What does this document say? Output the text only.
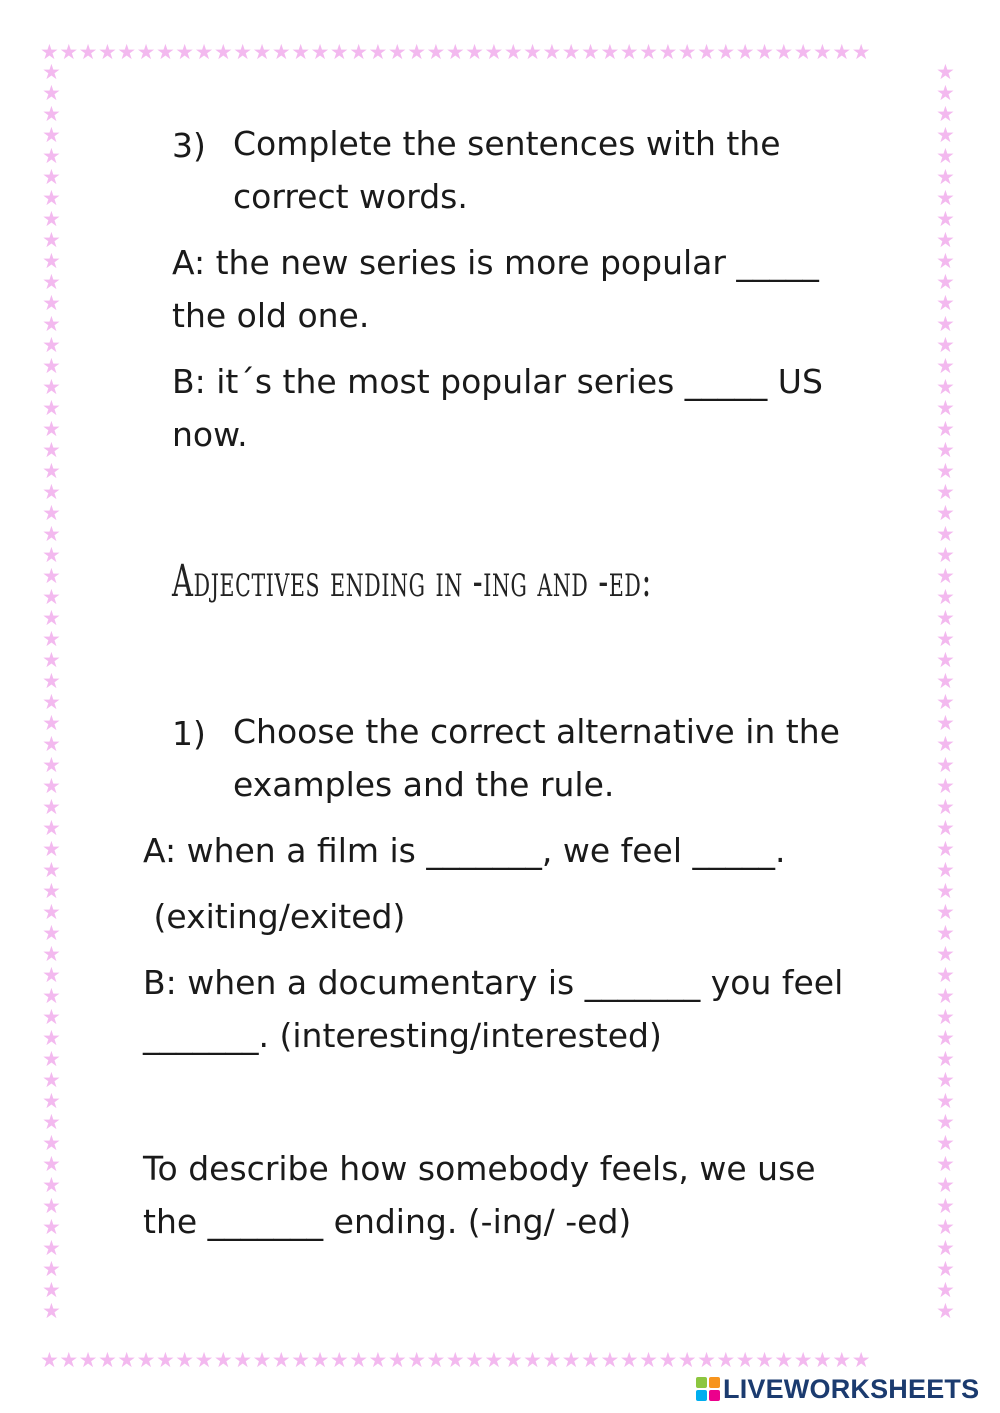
★★★★★★★★★★★★★★★★★★★★★★★★★★★★★★★★★★★★★★★★★★★
★★★★★★★★★★★★★★★★★★★★★★★★★★★★★★★★★★★★★★★★★★★
★★★★★★★★★★★★★★★★★★★★★★★★★★★★★★★★★★★★★★★★★★★★★★★★★★★★★★★★★★★★
★★★★★★★★★★★★★★★★★★★★★★★★★★★★★★★★★★★★★★★★★★★★★★★★★★★★★★★★★★★★
3) Complete the sentences with the
correct words.
A: the new series is more popular _____
the old one.
B: it´s the most popular series _____ US
now.
Adjectives ending in -ing and -ed:
1) Choose the correct alternative in the
examples and the rule.
A: when a film is _______, we feel _____.
(exiting/exited)
B: when a documentary is _______ you feel
_______. (interesting/interested)
To describe how somebody feels, we use
the _______ ending. (-ing/ -ed)
LIVEWORKSHEETS
